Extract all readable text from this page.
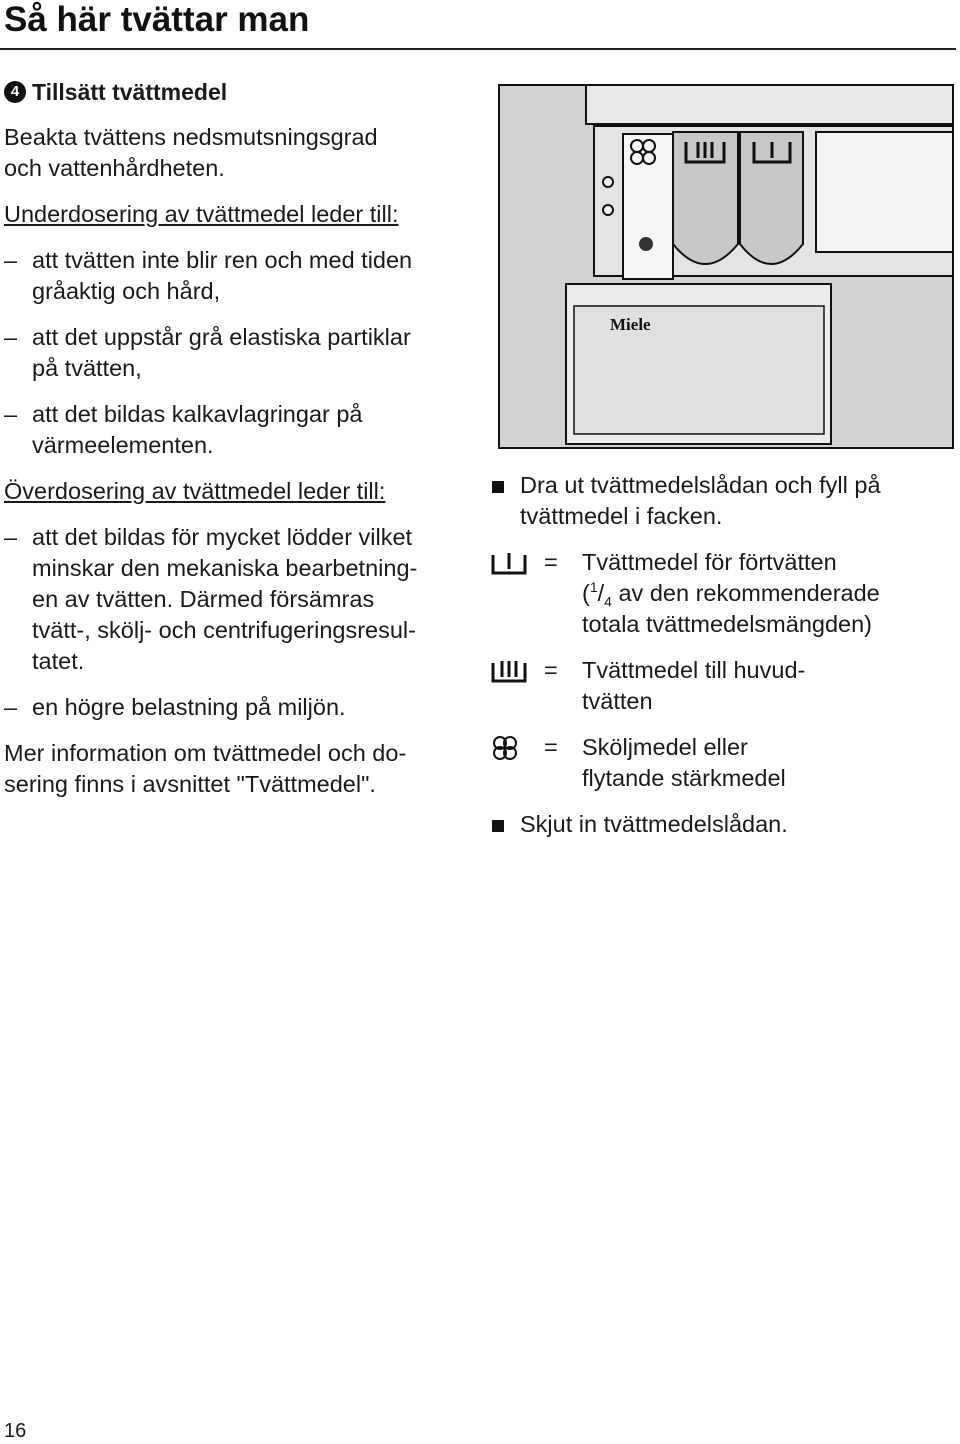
Så här tvättar man
4 Tillsätt tvättmedel

Beakta tvättens nedsmutsningsgrad
och vattenhårdheten.

Underdosering av tvättmedel leder till:

– att tvätten inte blir ren och med tiden
gråaktig och hård,
– att det uppstår grå elastiska partiklar
på tvätten,
– att det bildas kalkavlagringar på
värmeelementen.

Överdosering av tvättmedel leder till:

– att det bildas för mycket lödder vilket
minskar den mekaniska bearbetning-
en av tvätten. Därmed försämras
tvätt-, skölj- och centrifugeringsresul-
tatet.
– en högre belastning på miljön.

Mer information om tvättmedel och do-
sering finns i avsnittet "Tvättmedel".

Miele
Dra ut tvättmedelslådan och fyll på
tvättmedel i facken.
=	Tvättmedel för förtvätten
($^1/_4$ av den rekommenderade
totala tvättmedelsmängden)
=	Tvättmedel till huvud-
tvätten
=	Sköljmedel eller
flytande stärkmedel
Skjut in tvättmedelslådan.
16
